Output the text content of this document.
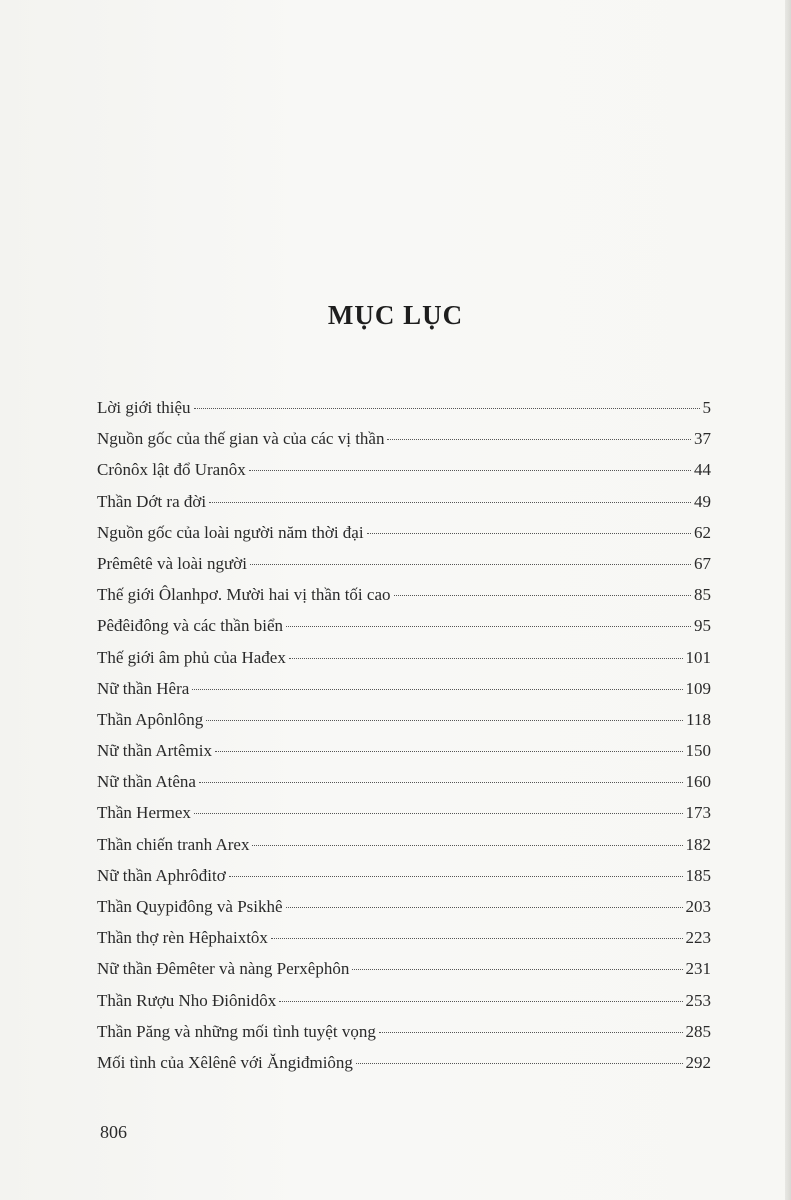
MỤC LỤC
Lời giới thiệu	5
Nguồn gốc của thế gian và của các vị thần	37
Crônôx lật đổ Uranôx	44
Thần Dớt ra đời	49
Nguồn gốc của loài người năm thời đại	62
Prêmêtê và loài người	67
Thế giới Ôlanhpơ. Mười hai vị thần tối cao	85
Pêđêiđông và các thần biển	95
Thế giới âm phủ của Hađex	101
Nữ thần Hêra	109
Thần Apônlông	118
Nữ thần Artêmix	150
Nữ thần Atêna	160
Thần Hermex	173
Thần chiến tranh Arex	182
Nữ thần Aphrôđitơ	185
Thần Quypiđông và Psikhê	203
Thần thợ rèn Hêphaixtôx	223
Nữ thần Đêmêter và nàng Perxêphôn	231
Thần Rượu Nho Điônidôx	253
Thần Păng và những mối tình tuyệt vọng	285
Mối tình của Xêlênê với Ăngiđmiông	292
806
